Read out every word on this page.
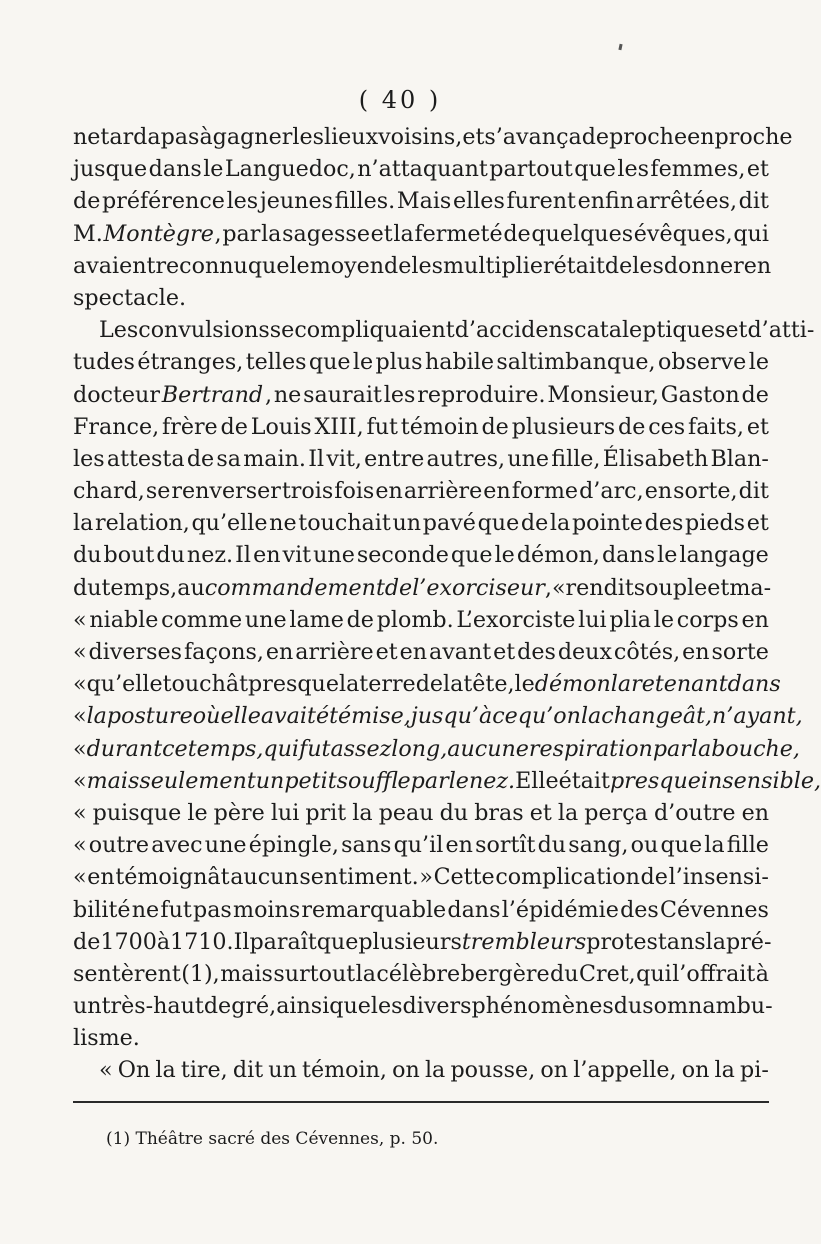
( 40 )
ne tarda pas à gagner les lieux voisins, et s’avança de proche en proche
jusque dans le Languedoc, n’attaquant partout que les femmes, et
de préférence les jeunes filles. Mais elles furent enfin arrêtées, dit
M. Montègre , par la sagesse et la fermeté de quelques évêques, qui
avaient reconnu que le moyen de les multiplier était de les donner en
spectacle.
Les convulsions se compliquaient d’accidens cataleptiques et d’atti-
tudes étranges, telles que le plus habile saltimbanque, observe le
docteur Bertrand , ne saurait les reproduire. Monsieur, Gaston de
France, frère de Louis XIII, fut témoin de plusieurs de ces faits, et
les attesta de sa main. Il vit, entre autres, une fille, Élisabeth Blan-
chard, se renverser trois fois en arrière en forme d’arc, en sorte, dit
la relation, qu’elle ne touchait un pavé que de la pointe des pieds et
du bout du nez. Il en vit une seconde que le démon, dans le langage
du temps, au commandement de l’exorciseur , « rendit souple et ma-
« niable comme une lame de plomb. L’exorciste lui plia le corps en
« diverses façons, en arrière et en avant et des deux côtés, en sorte
« qu’elle touchât presque la terre de la tête, le démon la retenant dans
« la posture où elle avait été mise, jusqu’à ce qu’on la changeât, n’ayant,
« durant ce temps, qui fut assez long, aucune respiration par la bouche,
« mais seulement un petit souffle par le nez. Elle était presque insensible,
« puisque le père lui prit la peau du bras et la perça d’outre en
« outre avec une épingle, sans qu’il en sortît du sang, ou que la fille
« en témoignât aucun sentiment. » Cette complication de l’insensi-
bilité ne fut pas moins remarquable dans l’épidémie des Cévennes
de 1700 à 1710. Il paraît que plusieurs trembleurs protestans la pré-
sentèrent (1), mais surtout la célèbre bergère du Cret, qui l’offrait à
un très-haut degré, ainsi que les divers phénomènes du somnambu-
lisme.
« On la tire, dit un témoin, on la pousse, on l’appelle, on la pi-
(1) Théâtre sacré des Cévennes, p. 50.
